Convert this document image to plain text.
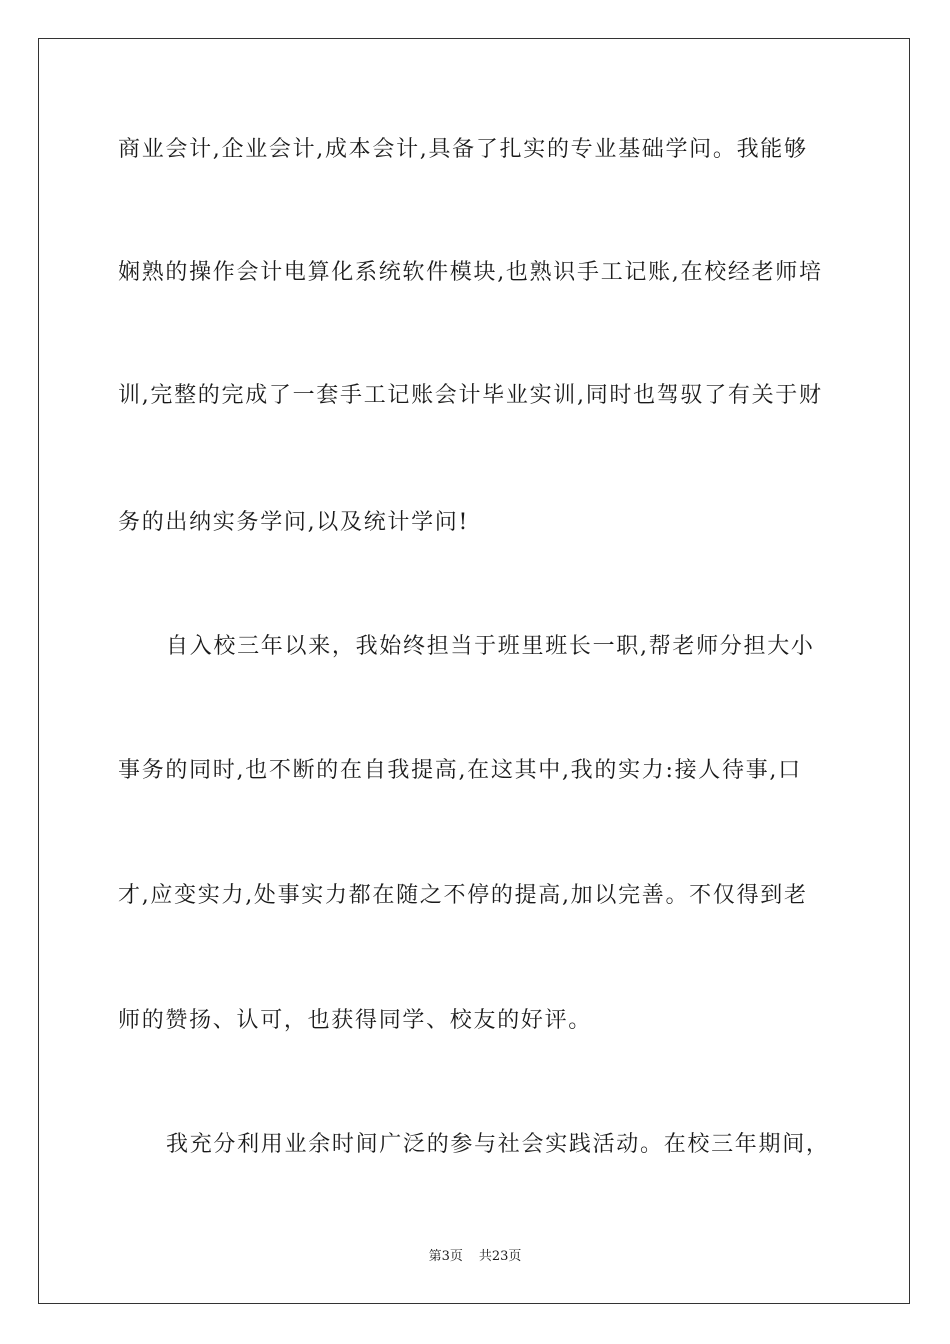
商业会计,企业会计,成本会计,具备了扎实的专业基础学问。我能够
娴熟的操作会计电算化系统软件模块,也熟识手工记账,在校经老师培
训,完整的完成了一套手工记账会计毕业实训,同时也驾驭了有关于财
务的出纳实务学问,以及统计学问!
自入校三年以来，我始终担当于班里班长一职,帮老师分担大小
事务的同时,也不断的在自我提高,在这其中,我的实力:接人待事,口
才,应变实力,处事实力都在随之不停的提高,加以完善。不仅得到老
师的赞扬、认可，也获得同学、校友的好评。
我充分利用业余时间广泛的参与社会实践活动。在校三年期间，
第3页 共23页
